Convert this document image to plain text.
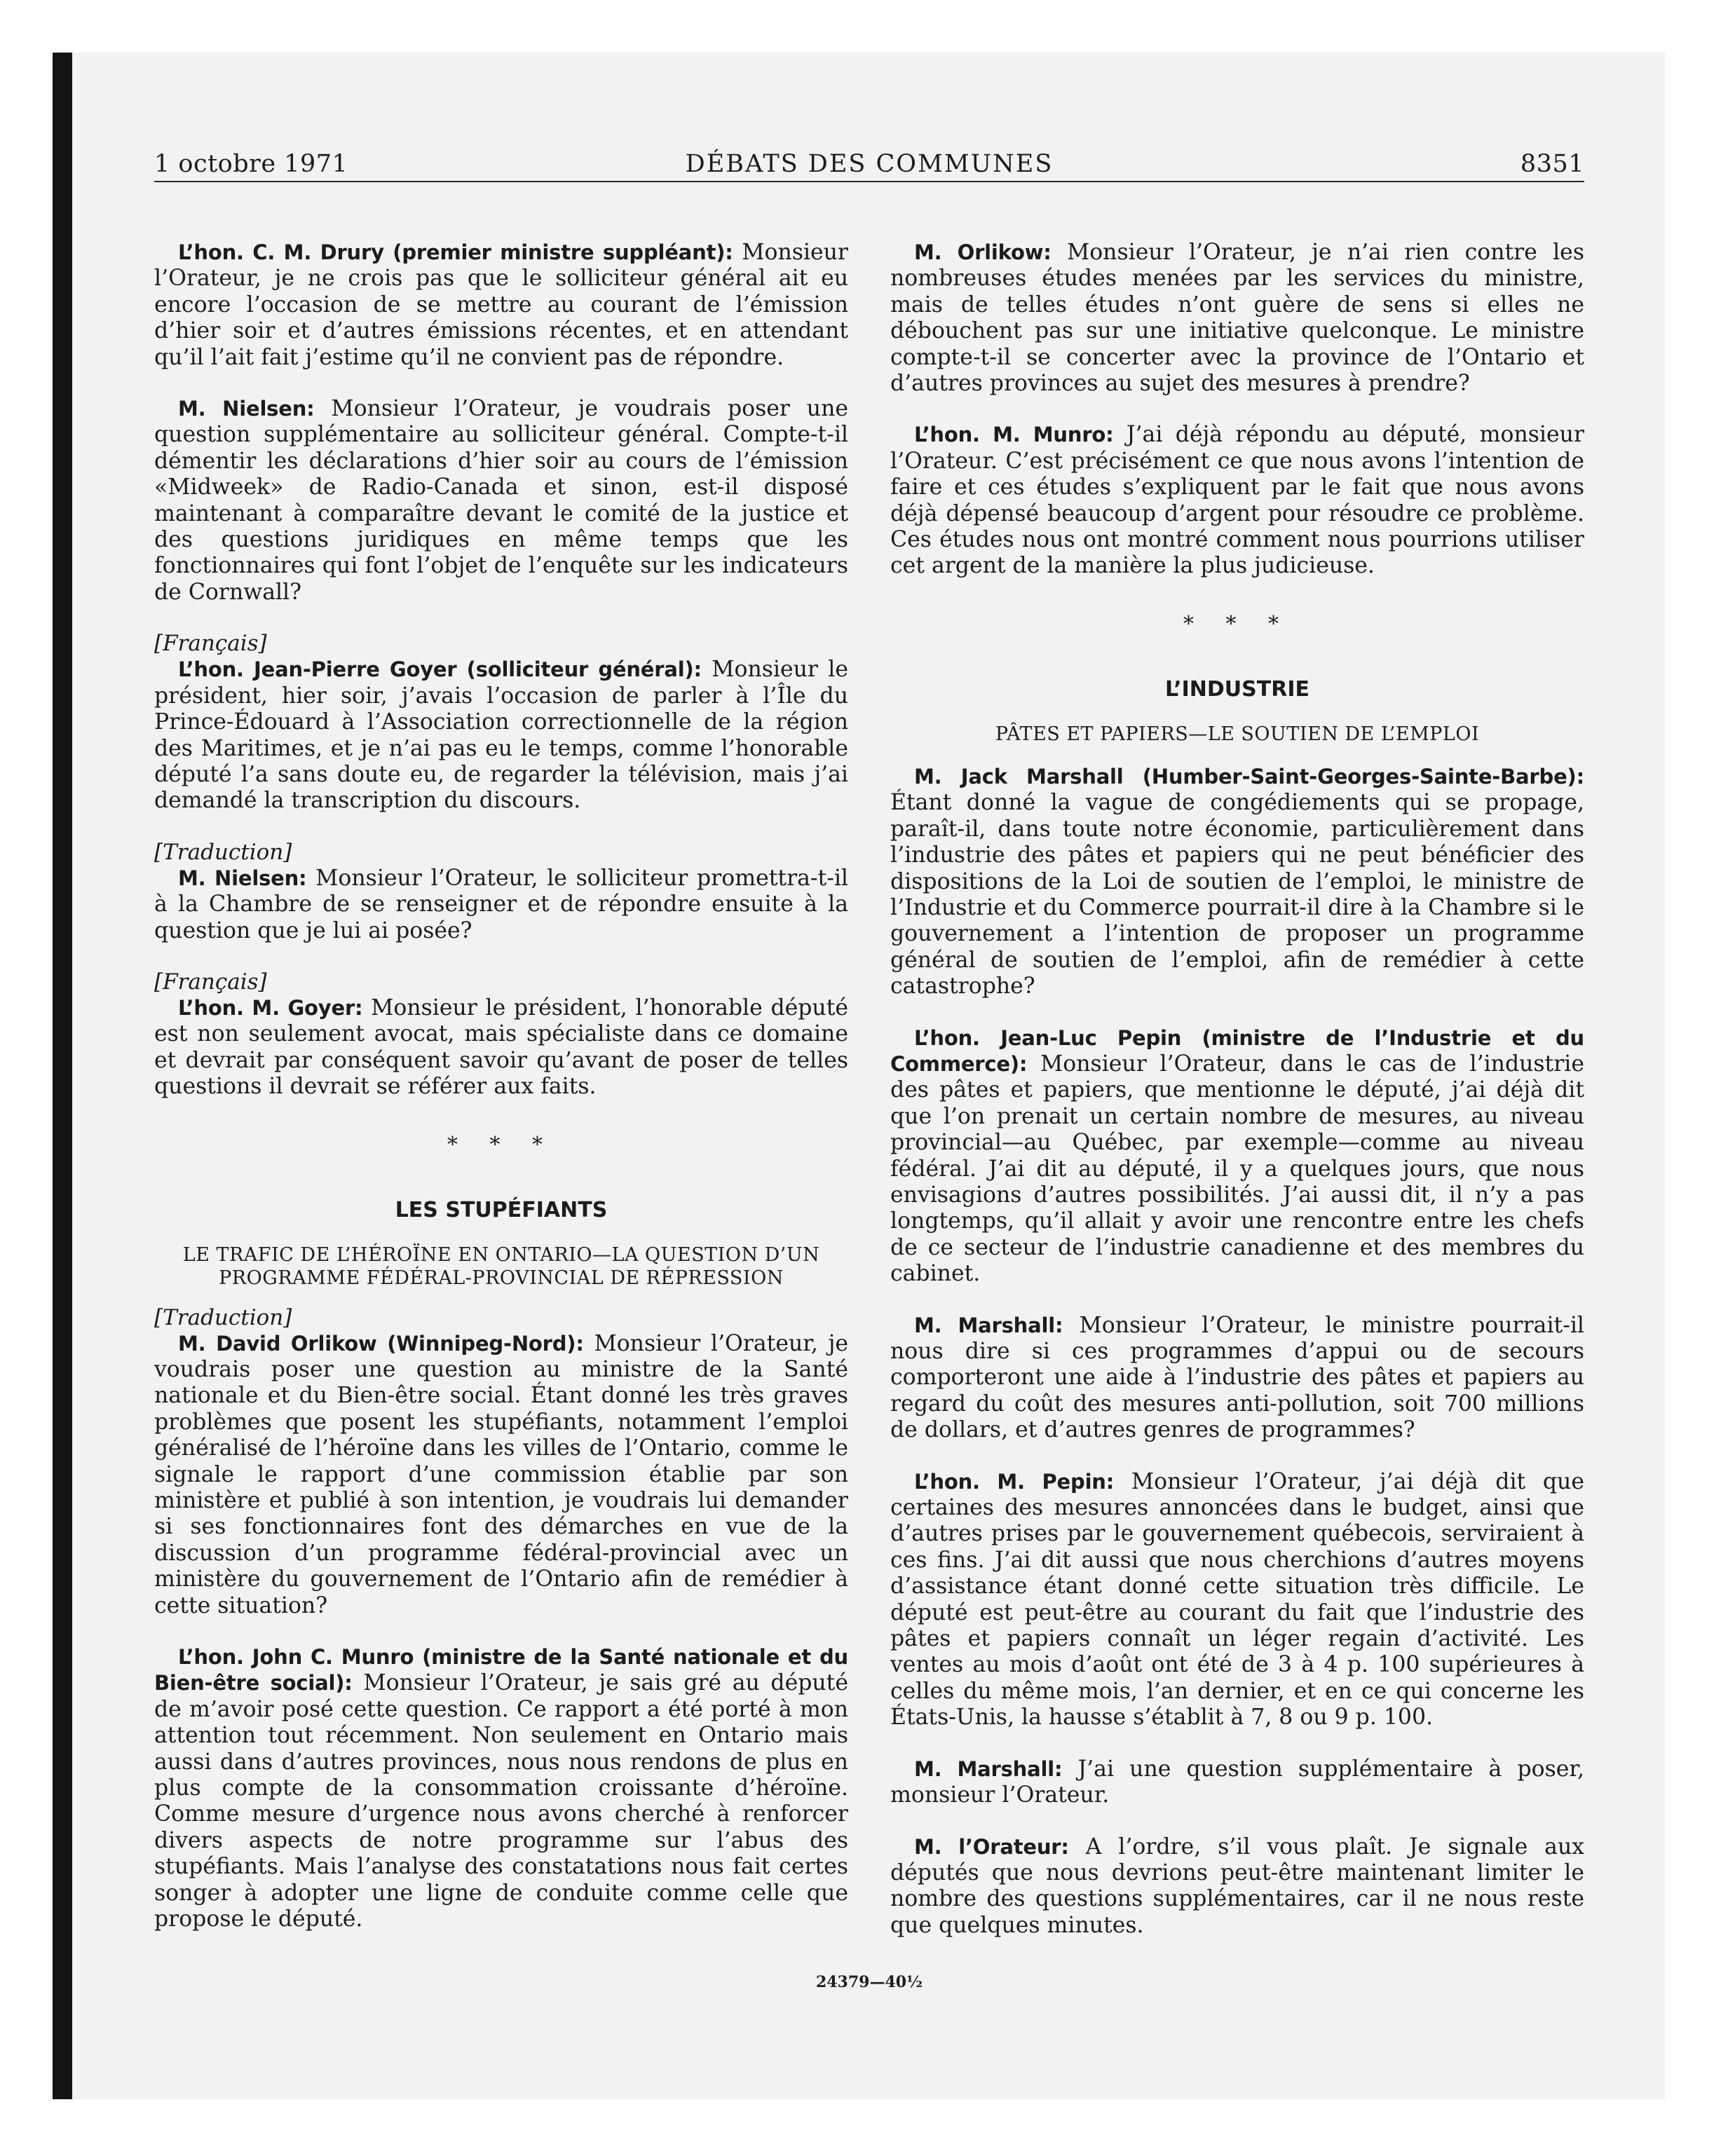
1 octobre 1971	DÉBATS DES COMMUNES	8351

L’hon. C. M. Drury (premier ministre suppléant): Monsieur l’Orateur, je ne crois pas que le solliciteur général ait eu encore l’occasion de se mettre au courant de l’émission d’hier soir et d’autres émissions récentes, et en attendant qu’il l’ait fait j’estime qu’il ne convient pas de répondre.

M. Nielsen: Monsieur l’Orateur, je voudrais poser une question supplémentaire au solliciteur général. Compte-t-il démentir les déclarations d’hier soir au cours de l’émission «Midweek» de Radio-Canada et sinon, est-il disposé maintenant à comparaître devant le comité de la justice et des questions juridiques en même temps que les fonctionnaires qui font l’objet de l’enquête sur les indicateurs de Cornwall?

[Français]

L’hon. Jean-Pierre Goyer (solliciteur général): Monsieur le président, hier soir, j’avais l’occasion de parler à l’Île du Prince-Édouard à l’Association correctionnelle de la région des Maritimes, et je n’ai pas eu le temps, comme l’honorable député l’a sans doute eu, de regarder la télévision, mais j’ai demandé la transcription du discours.

[Traduction]

M. Nielsen: Monsieur l’Orateur, le solliciteur promettra-t-il à la Chambre de se renseigner et de répondre ensuite à la question que je lui ai posée?

[Français]

L’hon. M. Goyer: Monsieur le président, l’honorable député est non seulement avocat, mais spécialiste dans ce domaine et devrait par conséquent savoir qu’avant de poser de telles questions il devrait se référer aux faits.

* * *

LES STUPÉFIANTS

LE TRAFIC DE L’HÉROÏNE EN ONTARIO—LA QUESTION D’UN PROGRAMME FÉDÉRAL-PROVINCIAL DE RÉPRESSION

[Traduction]

M. David Orlikow (Winnipeg-Nord): Monsieur l’Orateur, je voudrais poser une question au ministre de la Santé nationale et du Bien-être social. Étant donné les très graves problèmes que posent les stupéfiants, notamment l’emploi généralisé de l’héroïne dans les villes de l’Ontario, comme le signale le rapport d’une commission établie par son ministère et publié à son intention, je voudrais lui demander si ses fonctionnaires font des démarches en vue de la discussion d’un programme fédéral-provincial avec un ministère du gouvernement de l’Ontario afin de remédier à cette situation?

L’hon. John C. Munro (ministre de la Santé nationale et du Bien-être social): Monsieur l’Orateur, je sais gré au député de m’avoir posé cette question. Ce rapport a été porté à mon attention tout récemment. Non seulement en Ontario mais aussi dans d’autres provinces, nous nous rendons de plus en plus compte de la consommation croissante d’héroïne. Comme mesure d’urgence nous avons cherché à renforcer divers aspects de notre programme sur l’abus des stupéfiants. Mais l’analyse des constatations nous fait certes songer à adopter une ligne de conduite comme celle que propose le député.

M. Orlikow: Monsieur l’Orateur, je n’ai rien contre les nombreuses études menées par les services du ministre, mais de telles études n’ont guère de sens si elles ne débouchent pas sur une initiative quelconque. Le ministre compte-t-il se concerter avec la province de l’Ontario et d’autres provinces au sujet des mesures à prendre?

L’hon. M. Munro: J’ai déjà répondu au député, monsieur l’Orateur. C’est précisément ce que nous avons l’intention de faire et ces études s’expliquent par le fait que nous avons déjà dépensé beaucoup d’argent pour résoudre ce problème. Ces études nous ont montré comment nous pourrions utiliser cet argent de la manière la plus judicieuse.

* * *

L’INDUSTRIE

PÂTES ET PAPIERS—LE SOUTIEN DE L’EMPLOI

M. Jack Marshall (Humber-Saint-Georges-Sainte-Barbe): Étant donné la vague de congédiements qui se propage, paraît-il, dans toute notre économie, particulièrement dans l’industrie des pâtes et papiers qui ne peut bénéficier des dispositions de la Loi de soutien de l’emploi, le ministre de l’Industrie et du Commerce pourrait-il dire à la Chambre si le gouvernement a l’intention de proposer un programme général de soutien de l’emploi, afin de remédier à cette catastrophe?

L’hon. Jean-Luc Pepin (ministre de l’Industrie et du Commerce): Monsieur l’Orateur, dans le cas de l’industrie des pâtes et papiers, que mentionne le député, j’ai déjà dit que l’on prenait un certain nombre de mesures, au niveau provincial—au Québec, par exemple—comme au niveau fédéral. J’ai dit au député, il y a quelques jours, que nous envisagions d’autres possibilités. J’ai aussi dit, il n’y a pas longtemps, qu’il allait y avoir une rencontre entre les chefs de ce secteur de l’industrie canadienne et des membres du cabinet.

M. Marshall: Monsieur l’Orateur, le ministre pourrait-il nous dire si ces programmes d’appui ou de secours comporteront une aide à l’industrie des pâtes et papiers au regard du coût des mesures anti-pollution, soit 700 millions de dollars, et d’autres genres de programmes?

L’hon. M. Pepin: Monsieur l’Orateur, j’ai déjà dit que certaines des mesures annoncées dans le budget, ainsi que d’autres prises par le gouvernement québecois, serviraient à ces fins. J’ai dit aussi que nous cherchions d’autres moyens d’assistance étant donné cette situation très difficile. Le député est peut-être au courant du fait que l’industrie des pâtes et papiers connaît un léger regain d’activité. Les ventes au mois d’août ont été de 3 à 4 p. 100 supérieures à celles du même mois, l’an dernier, et en ce qui concerne les États-Unis, la hausse s’établit à 7, 8 ou 9 p. 100.

M. Marshall: J’ai une question supplémentaire à poser, monsieur l’Orateur.

M. l’Orateur: A l’ordre, s’il vous plaît. Je signale aux députés que nous devrions peut-être maintenant limiter le nombre des questions supplémentaires, car il ne nous reste que quelques minutes.

24379—40½
